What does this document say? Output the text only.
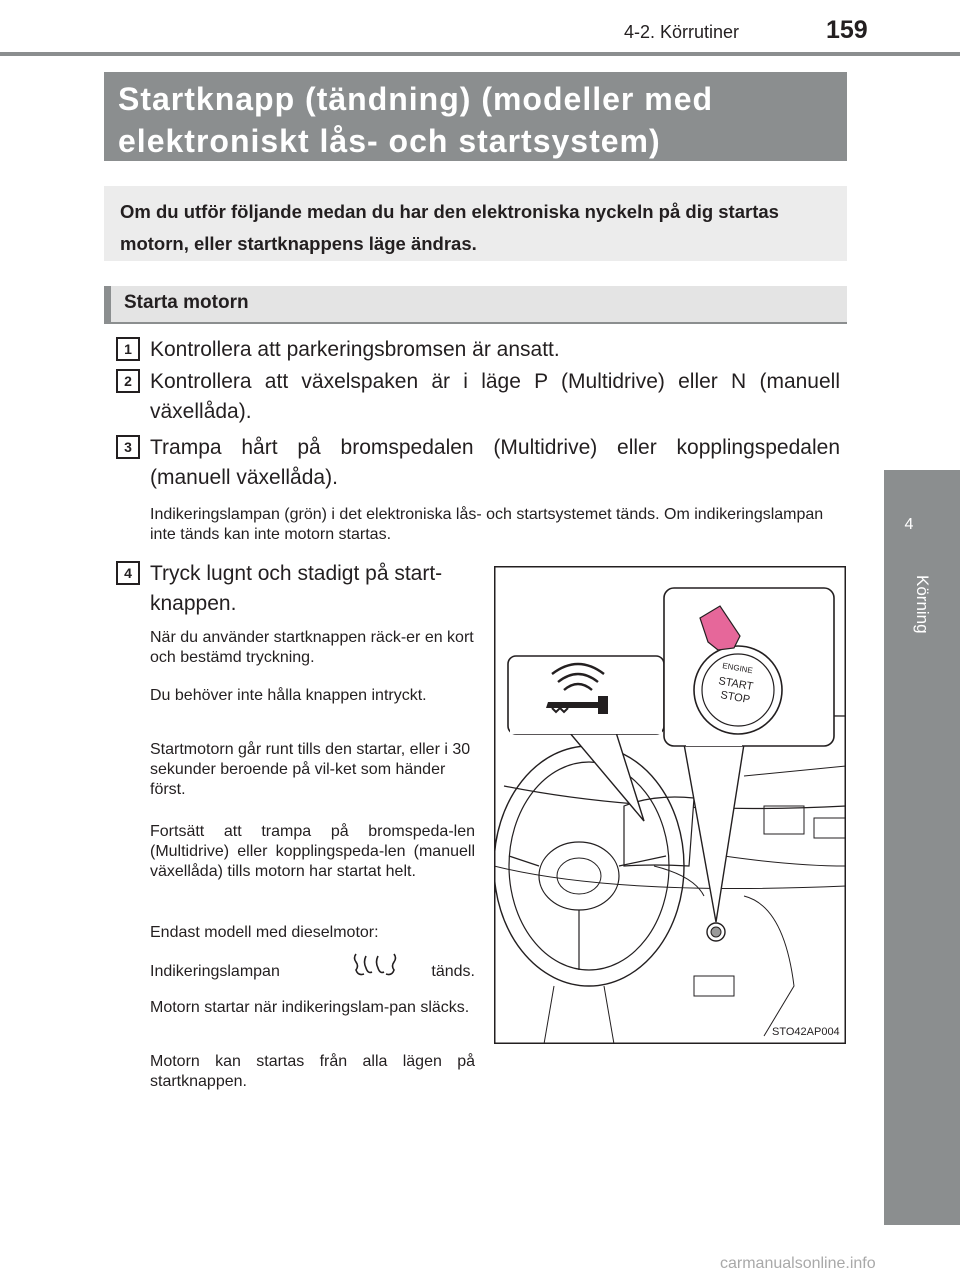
4-2. Körrutiner	159
4
Körning
Startknapp (tändning) (modeller med elektroniskt lås- och startsystem)
Om du utför följande medan du har den elektroniska nyckeln på dig startas motorn, eller startknappens läge ändras.
Starta motorn
1 Kontrollera att parkeringsbromsen är ansatt.
2 Kontrollera att växelspaken är i läge P (Multidrive) eller N (manuell växellåda).
3 Trampa hårt på bromspedalen (Multidrive) eller kopplingspedalen (manuell växellåda).
Indikeringslampan (grön) i det elektroniska lås- och startsystemet tänds. Om indikeringslampan inte tänds kan inte motorn startas.
4 Tryck lugnt och stadigt på start-knappen.
När du använder startknappen räck-er en kort och bestämd tryckning.
Du behöver inte hålla knappen intryckt.
Startmotorn går runt tills den startar, eller i 30 sekunder beroende på vil-ket som händer först.
Fortsätt att trampa på bromspeda-len (Multidrive) eller kopplingspeda-len (manuell växellåda) tills motorn har startat helt.
Endast modell med dieselmotor:
Indikeringslampan	tänds.
Motorn startar när indikeringslam-pan släcks.
Motorn kan startas från alla lägen på startknappen.
ENGINE
START
STOP
STO42AP004
carmanualsonline.info
